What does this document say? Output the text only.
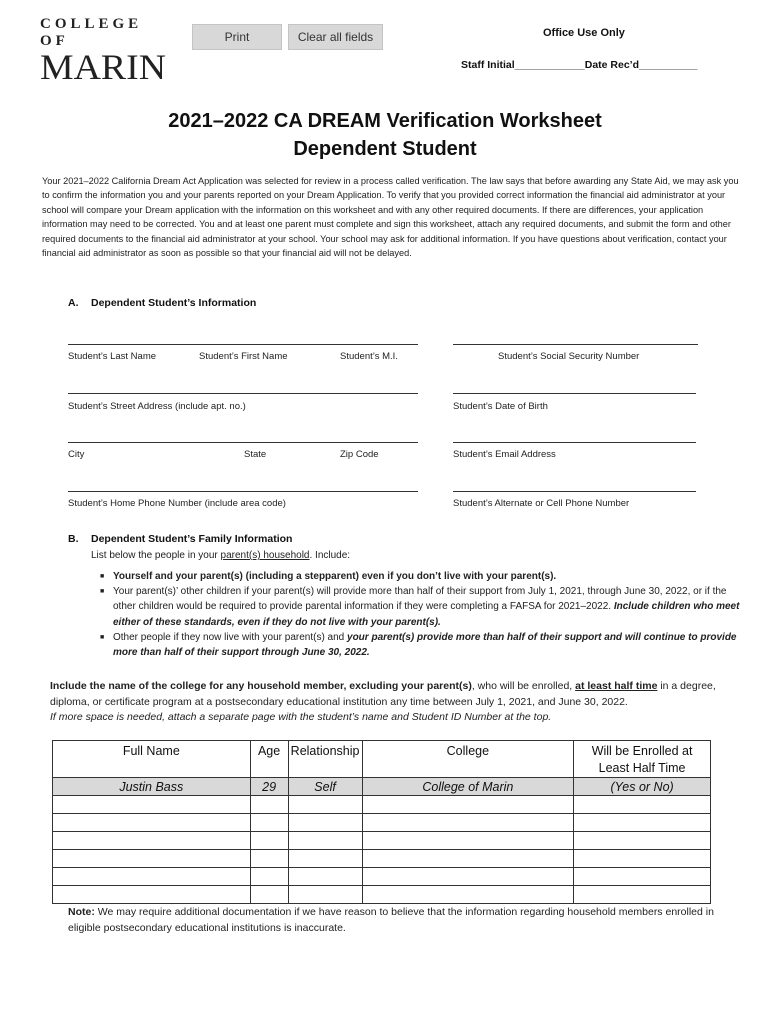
COLLEGE OF
MARIN
Print	Clear all fields	Office Use Only
Staff Initial____________Date Rec’d__________
2021–2022 CA DREAM Verification Worksheet
Dependent Student
Your 2021–2022 California Dream Act Application was selected for review in a process called verification. The law says that before awarding any State Aid, we may ask you to confirm the information you and your parents reported on your Dream Application. To verify that you provided correct information the financial aid administrator at your school will compare your Dream application with the information on this worksheet and with any other required documents. If there are differences, your application information may need to be corrected. You and at least one parent must complete and sign this worksheet, attach any required documents, and submit the form and other required documents to the financial aid administrator at your school. Your school may ask for additional information. If you have questions about verification, contact your financial aid administrator as soon as possible so that your financial aid will not be delayed.
A. Dependent Student’s Information
Student’s Last Name	Student’s First Name	Student’s M.I.	Student’s Social Security Number
Student’s Street Address (include apt. no.)	Student’s Date of Birth
City	State	Zip Code	Student’s Email Address
Student’s Home Phone Number (include area code)	Student’s Alternate or Cell Phone Number
B. Dependent Student’s Family Information
List below the people in your parent(s) household. Include:
■ Yourself and your parent(s) (including a stepparent) even if you don’t live with your parent(s).
■ Your parent(s)’ other children if your parent(s) will provide more than half of their support from July 1, 2021, through June 30, 2022, or if the other children would be required to provide parental information if they were completing a FAFSA for 2021–2022. Include children who meet either of these standards, even if they do not live with your parent(s).
■ Other people if they now live with your parent(s) and your parent(s) provide more than half of their support and will continue to provide more than half of their support through June 30, 2022.
Include the name of the college for any household member, excluding your parent(s), who will be enrolled, at least half time in a degree, diploma, or certificate program at a postsecondary educational institution any time between July 1, 2021, and June 30, 2022.
If more space is needed, attach a separate page with the student’s name and Student ID Number at the top.
Full Name	Age	Relationship	College	Will be Enrolled at Least Half Time
Justin Bass	29	Self	College of Marin	(Yes or No)

Note: We may require additional documentation if we have reason to believe that the information regarding household members enrolled in eligible postsecondary educational institutions is inaccurate.
